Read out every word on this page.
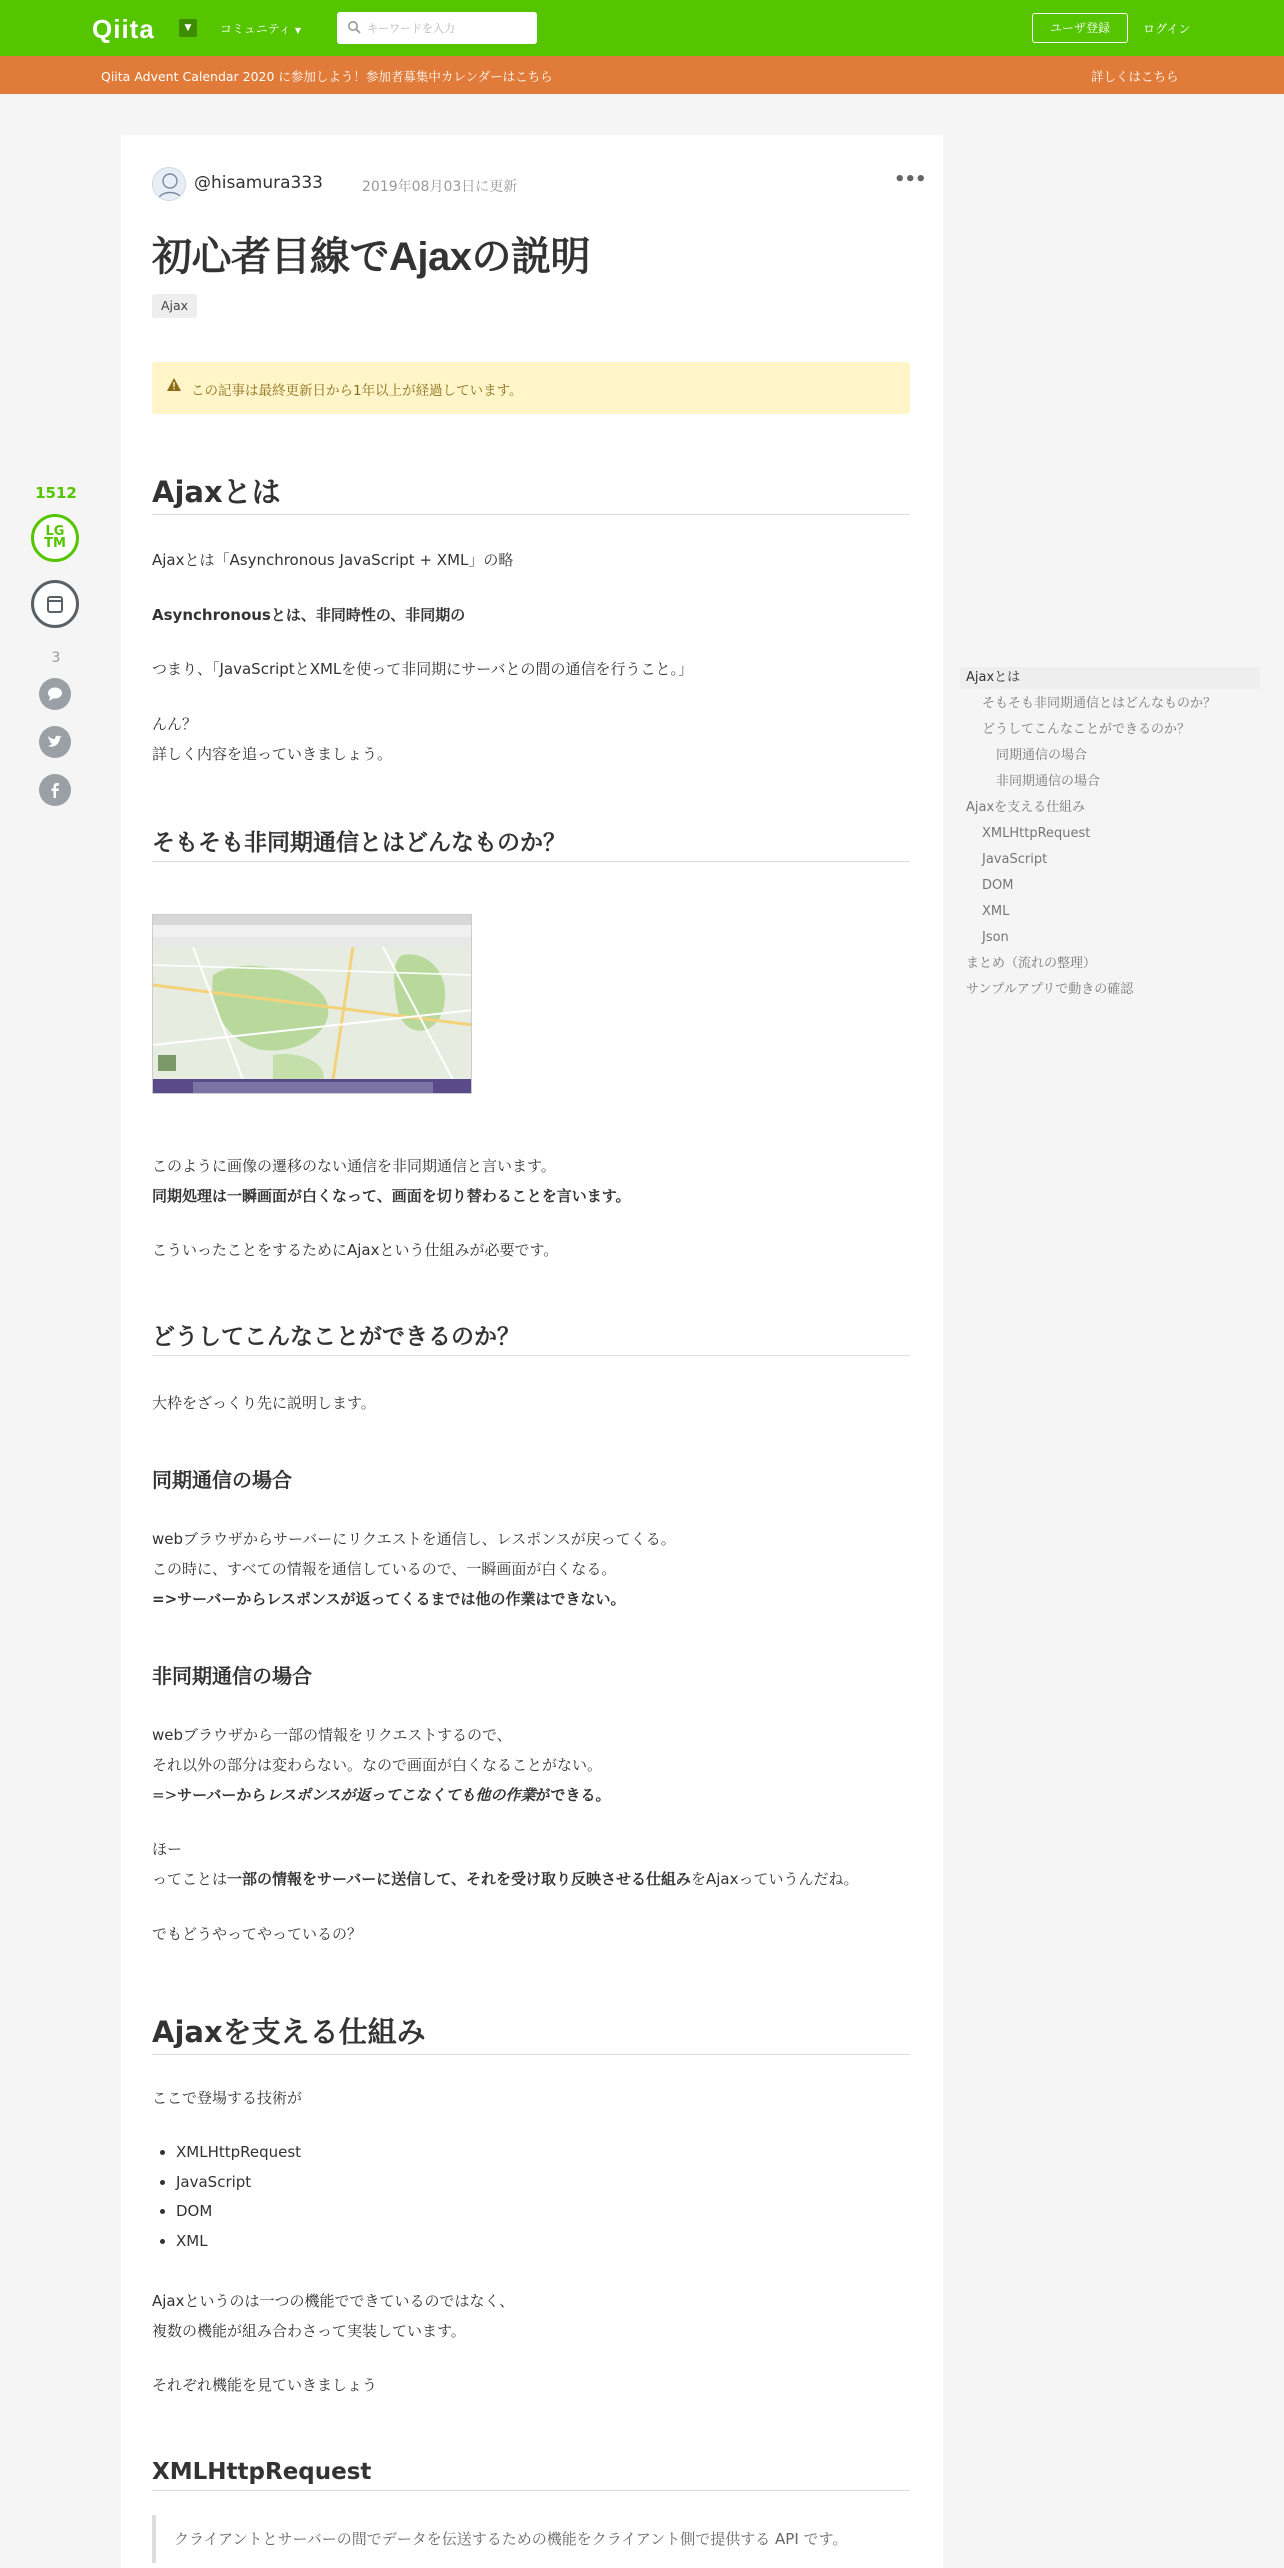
Qiita	▼	コミュニティ ▼
キーワードを入力	ユーザ登録	ログイン
Qiita Advent Calendar 2020 に参加しよう！参加者募集中カレンダーはこちら	詳しくはこちら
1512
LG
TM
3
@hisamura333	2019年08月03日に更新	•••
初心者目線でAjaxの説明
Ajax
この記事は最終更新日から1年以上が経過しています。
Ajaxとは
Ajaxとは「Asynchronous JavaScript + XML」の略
Asynchronousとは、非同時性の、非同期の
つまり、「JavaScriptとXMLを使って非同期にサーバとの間の通信を行うこと。」
んん？
詳しく内容を追っていきましょう。
そもそも非同期通信とはどんなものか？
このように画像の遷移のない通信を非同期通信と言います。
同期処理は一瞬画面が白くなって、画面を切り替わることを言います。
こういったことをするためにAjaxという仕組みが必要です。
どうしてこんなことができるのか？
大枠をざっくり先に説明します。
同期通信の場合
webブラウザからサーバーにリクエストを通信し、レスポンスが戻ってくる。
この時に、すべての情報を通信しているので、一瞬画面が白くなる。
=>サーバーからレスポンスが返ってくるまでは他の作業はできない。
非同期通信の場合
webブラウザから一部の情報をリクエストするので、
それ以外の部分は変わらない。なので画面が白くなることがない。
=>サーバーからレスポンスが返ってこなくても他の作業ができる。
ほー
ってことは一部の情報をサーバーに送信して、それを受け取り反映させる仕組みをAjaxっていうんだね。
でもどうやってやっているの？
Ajaxを支える仕組み
ここで登場する技術が
• XMLHttpRequest
• JavaScript
• DOM
• XML
Ajaxというのは一つの機能でできているのではなく、
複数の機能が組み合わさって実装しています。
それぞれ機能を見ていきましょう
XMLHttpRequest
クライアントとサーバーの間でデータを伝送するための機能をクライアント側で提供する API です。
Ajaxとは
そもそも非同期通信とはどんなものか？
どうしてこんなことができるのか？
同期通信の場合
非同期通信の場合
Ajaxを支える仕組み
XMLHttpRequest
JavaScript
DOM
XML
Json
まとめ（流れの整理）
サンプルアプリで動きの確認
